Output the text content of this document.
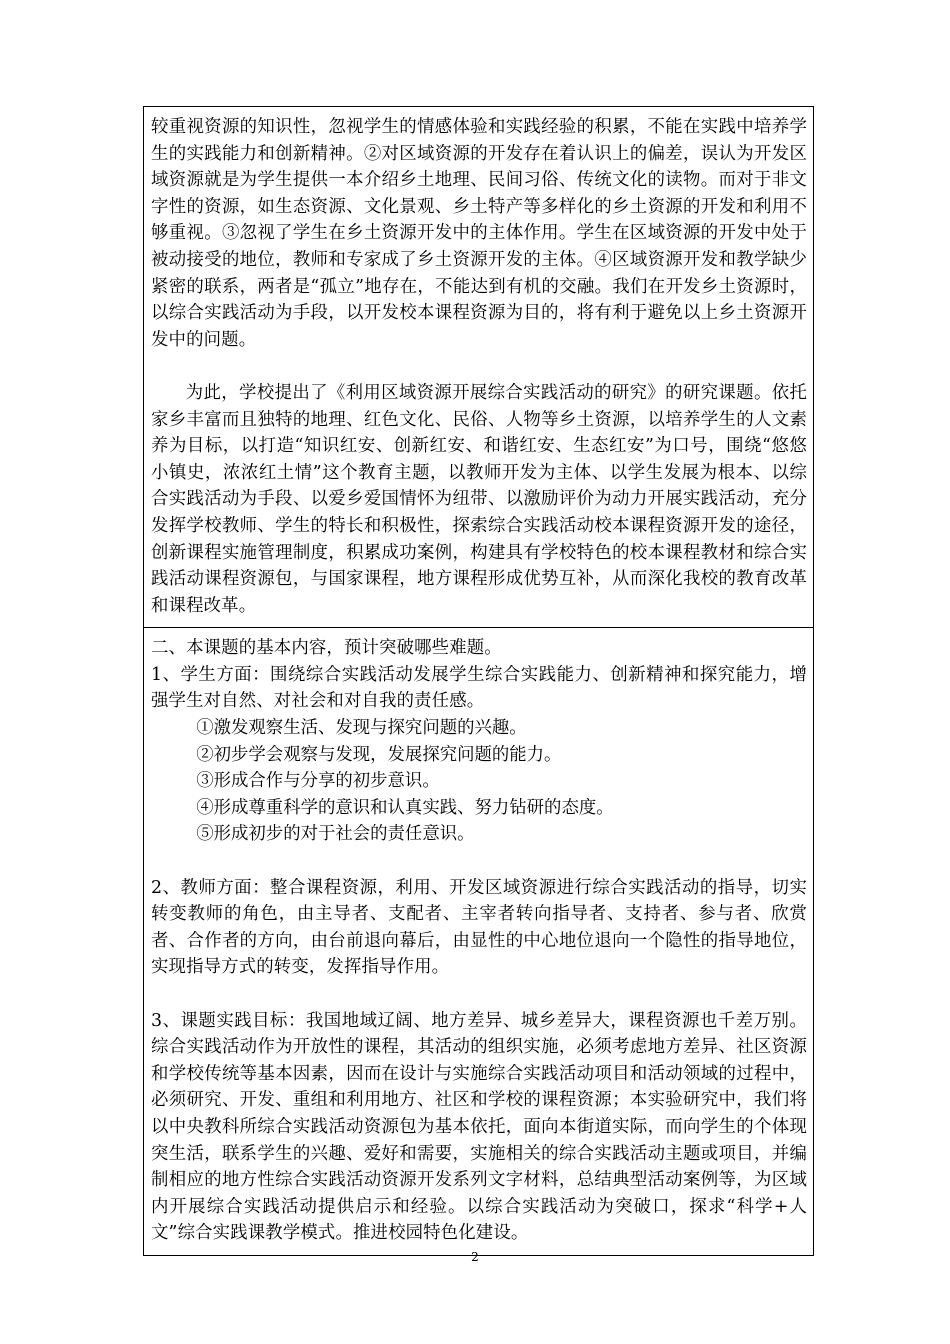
较重视资源的知识性，忽视学生的情感体验和实践经验的积累，不能在实践中培养学生的实践能力和创新精神。②对区域资源的开发存在着认识上的偏差，误认为开发区域资源就是为学生提供一本介绍乡土地理、民间习俗、传统文化的读物。而对于非文字性的资源，如生态资源、文化景观、乡土特产等多样化的乡土资源的开发和利用不够重视。③忽视了学生在乡土资源开发中的主体作用。学生在区域资源的开发中处于被动接受的地位，教师和专家成了乡土资源开发的主体。④区域资源开发和教学缺少紧密的联系，两者是“孤立”地存在，不能达到有机的交融。我们在开发乡土资源时，以综合实践活动为手段，以开发校本课程资源为目的，将有利于避免以上乡土资源开发中的问题。

为此，学校提出了《利用区域资源开展综合实践活动的研究》的研究课题。依托家乡丰富而且独特的地理、红色文化、民俗、人物等乡土资源，以培养学生的人文素养为目标，以打造“知识红安、创新红安、和谐红安、生态红安”为口号，围绕“悠悠小镇史，浓浓红土情”这个教育主题，以教师开发为主体、以学生发展为根本、以综合实践活动为手段、以爱乡爱国情怀为纽带、以激励评价为动力开展实践活动，充分发挥学校教师、学生的特长和积极性，探索综合实践活动校本课程资源开发的途径，创新课程实施管理制度，积累成功案例，构建具有学校特色的校本课程教材和综合实践活动课程资源包，与国家课程，地方课程形成优势互补，从而深化我校的教育改革和课程改革。

二、本课题的基本内容，预计突破哪些难题。

1、学生方面：围绕综合实践活动发展学生综合实践能力、创新精神和探究能力，增强学生对自然、对社会和对自我的责任感。

①激发观察生活、发现与探究问题的兴趣。

②初步学会观察与发现，发展探究问题的能力。

③形成合作与分享的初步意识。

④形成尊重科学的意识和认真实践、努力钻研的态度。

⑤形成初步的对于社会的责任意识。

2、教师方面：整合课程资源，利用、开发区域资源进行综合实践活动的指导，切实转变教师的角色，由主导者、支配者、主宰者转向指导者、支持者、参与者、欣赏者、合作者的方向，由台前退向幕后，由显性的中心地位退向一个隐性的指导地位，实现指导方式的转变，发挥指导作用。

3、课题实践目标：我国地域辽阔、地方差异、城乡差异大，课程资源也千差万别。综合实践活动作为开放性的课程，其活动的组织实施，必须考虑地方差异、社区资源和学校传统等基本因素，因而在设计与实施综合实践活动项目和活动领域的过程中，必须研究、开发、重组和利用地方、社区和学校的课程资源；本实验研究中，我们将以中央教科所综合实践活动资源包为基本依托，面向本街道实际，而向学生的个体现突生活，联系学生的兴趣、爱好和需要，实施相关的综合实践活动主题或项目，并编制相应的地方性综合实践活动资源开发系列文字材料，总结典型活动案例等，为区域内开展综合实践活动提供启示和经验。以综合实践活动为突破口，探求“科学+人文”综合实践课教学模式。推进校园特色化建设。

2
